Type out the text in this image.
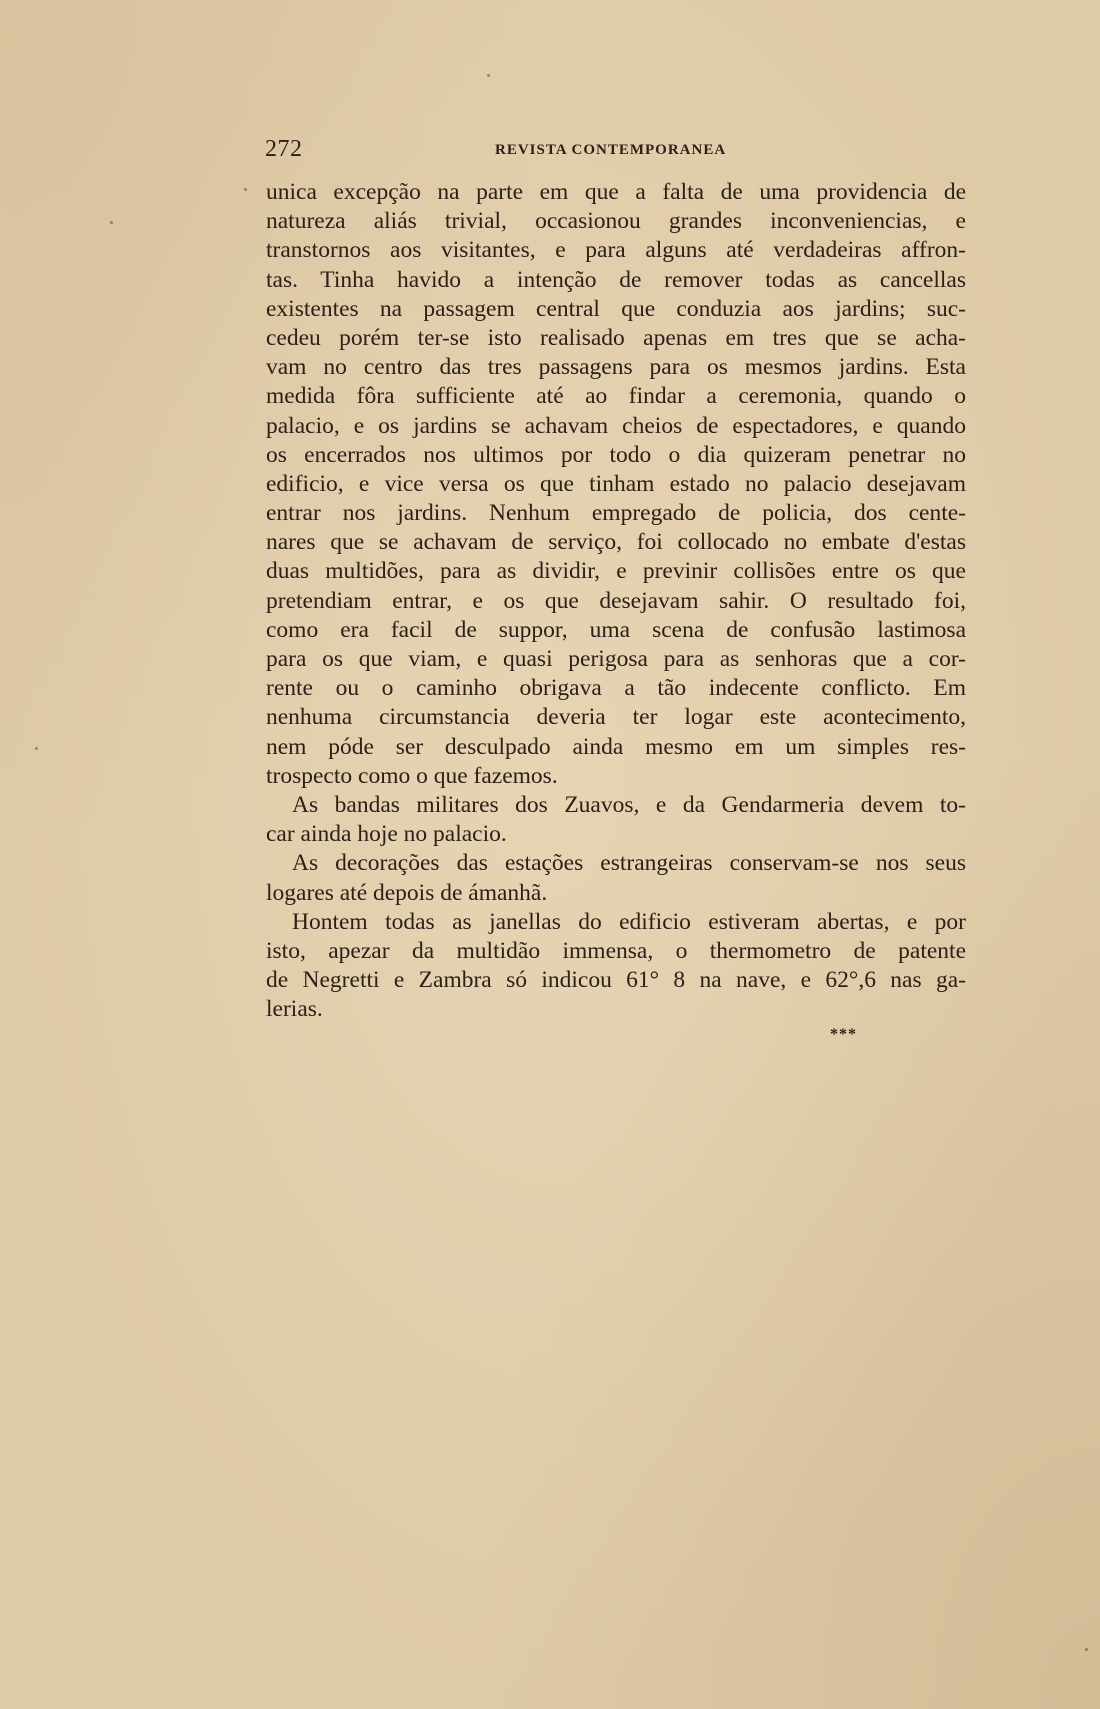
272	REVISTA CONTEMPORANEA
unica excepção na parte em que a falta de uma providencia de
natureza aliás trivial, occasionou grandes inconveniencias, e
transtornos aos visitantes, e para alguns até verdadeiras affron-
tas. Tinha havido a intenção de remover todas as cancellas
existentes na passagem central que conduzia aos jardins; suc-
cedeu porém ter-se isto realisado apenas em tres que se acha-
vam no centro das tres passagens para os mesmos jardins. Esta
medida fôra sufficiente até ao findar a ceremonia, quando o
palacio, e os jardins se achavam cheios de espectadores, e quando
os encerrados nos ultimos por todo o dia quizeram penetrar no
edificio, e vice versa os que tinham estado no palacio desejavam
entrar nos jardins. Nenhum empregado de policia, dos cente-
nares que se achavam de serviço, foi collocado no embate d'estas
duas multidões, para as dividir, e previnir collisões entre os que
pretendiam entrar, e os que desejavam sahir. O resultado foi,
como era facil de suppor, uma scena de confusão lastimosa
para os que viam, e quasi perigosa para as senhoras que a cor-
rente ou o caminho obrigava a tão indecente conflicto. Em
nenhuma circumstancia deveria ter logar este acontecimento,
nem póde ser desculpado ainda mesmo em um simples res-
trospecto como o que fazemos.
As bandas militares dos Zuavos, e da Gendarmeria devem to-
car ainda hoje no palacio.
As decorações das estações estrangeiras conservam-se nos seus
logares até depois de ámanhã.
Hontem todas as janellas do edificio estiveram abertas, e por
isto, apezar da multidão immensa, o thermometro de patente
de Negretti e Zambra só indicou 61° 8 na nave, e 62°,6 nas ga-
lerias.
***
